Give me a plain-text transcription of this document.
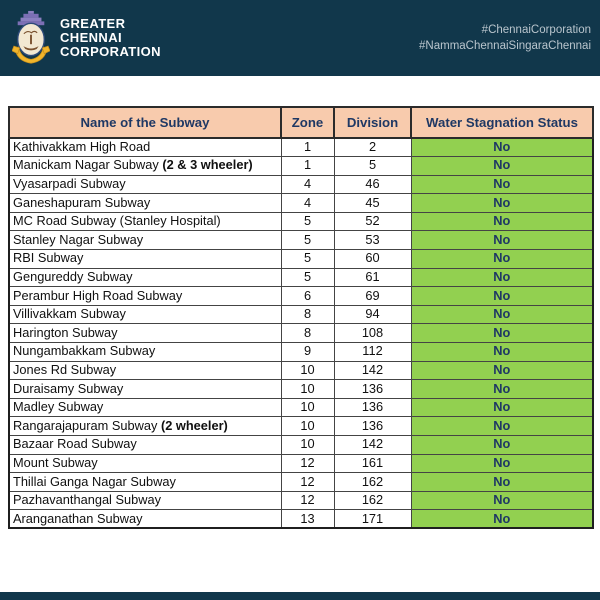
GREATER
CHENNAI
CORPORATION
#ChennaiCorporation
#NammaChennaiSingaraChennai
Name of the Subway	Zone	Division	Water Stagnation Status
Kathivakkam High Road	1	2	No
Manickam Nagar Subway (2 & 3 wheeler)	1	5	No
Vyasarpadi Subway	4	46	No
Ganeshapuram Subway	4	45	No
MC Road Subway (Stanley Hospital)	5	52	No
Stanley Nagar Subway	5	53	No
RBI Subway	5	60	No
Gengureddy Subway	5	61	No
Perambur High Road Subway	6	69	No
Villivakkam Subway	8	94	No
Harington Subway	8	108	No
Nungambakkam Subway	9	112	No
Jones Rd Subway	10	142	No
Duraisamy Subway	10	136	No
Madley Subway	10	136	No
Rangarajapuram Subway (2 wheeler)	10	136	No
Bazaar Road Subway	10	142	No
Mount Subway	12	161	No
Thillai Ganga Nagar Subway	12	162	No
Pazhavanthangal Subway	12	162	No
Aranganathan Subway	13	171	No
